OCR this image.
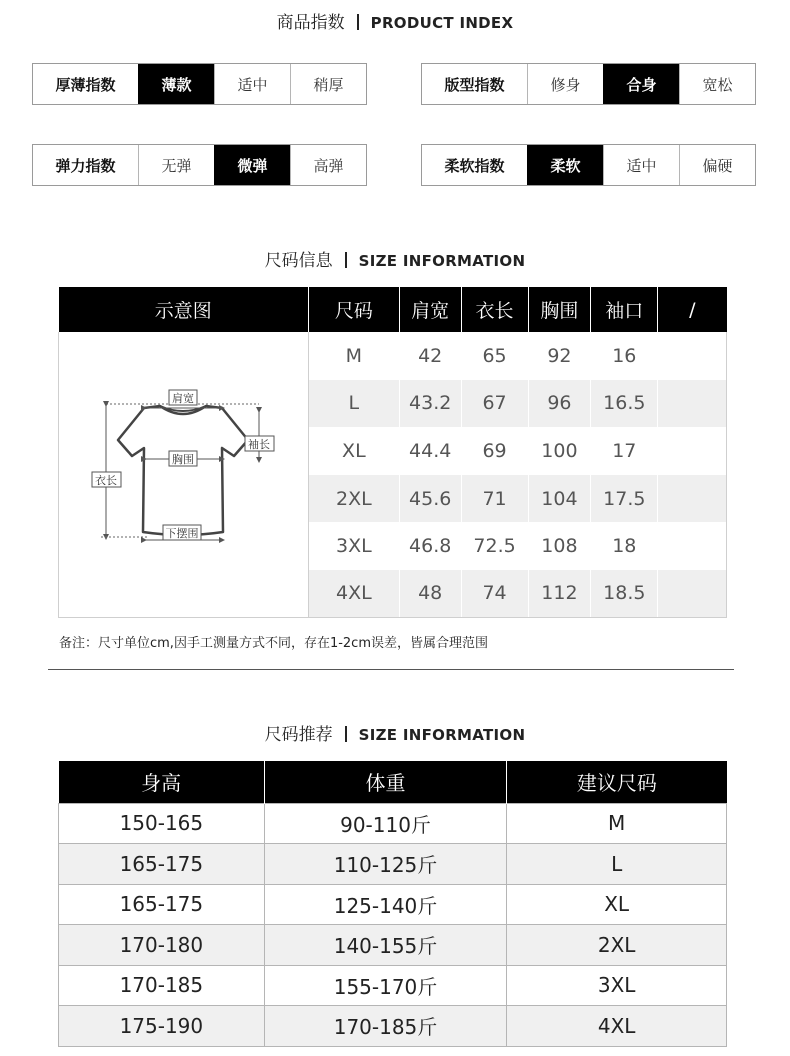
商品指数 PRODUCT INDEX
厚薄指数	薄款	适中	稍厚	版型指数	修身	合身	宽松
弹力指数	无弹	微弹	高弹	柔软指数	柔软	适中	偏硬
尺码信息 SIZE INFORMATION
示意图	尺码	肩宽	衣长	胸围	袖口	/

肩宽
胸围
衣长
袖长
下摆围	M	42	65	92	16	
	L	43.2	67	96	16.5	
	XL	44.4	69	100	17	
	2XL	45.6	71	104	17.5	
	3XL	46.8	72.5	108	18	
	4XL	48	74	112	18.5	
备注：尺寸单位cm,因手工测量方式不同，存在1-2cm误差，皆属合理范围
尺码推荐 SIZE INFORMATION
身高	体重	建议尺码
150-165	90-110斤	M
165-175	110-125斤	L
165-175	125-140斤	XL
170-180	140-155斤	2XL
170-185	155-170斤	3XL
175-190	170-185斤	4XL
